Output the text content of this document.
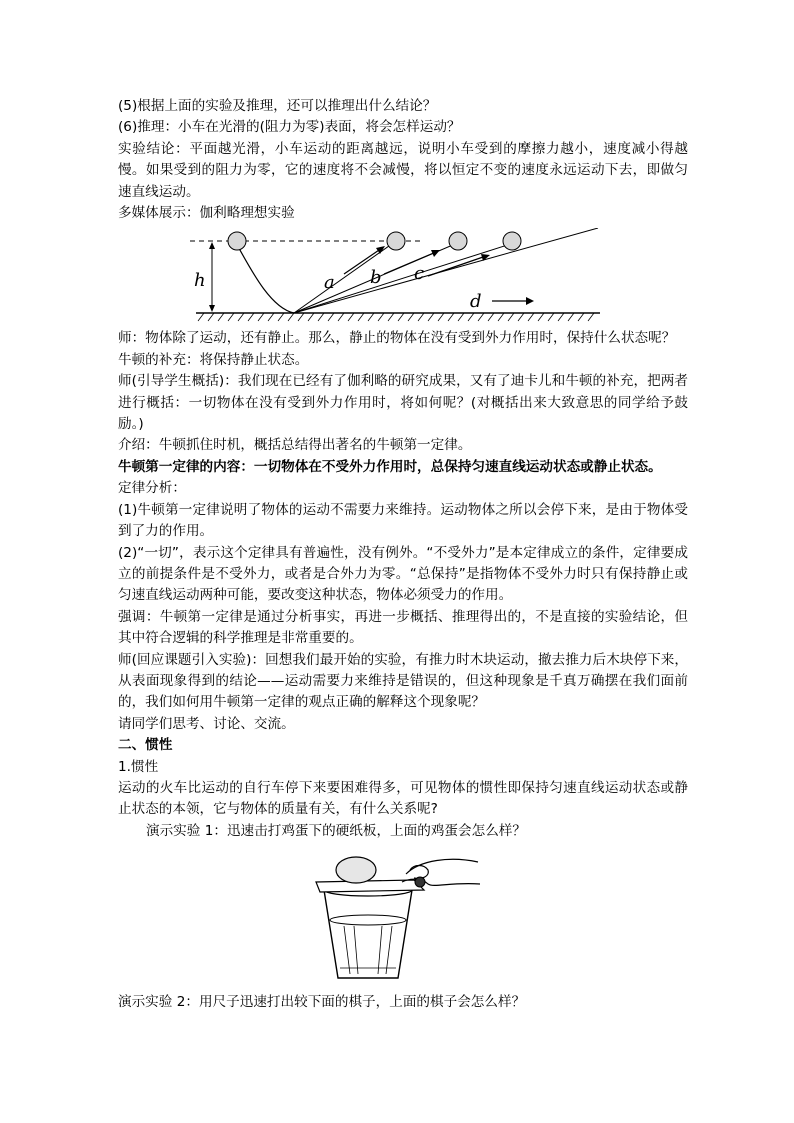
(5)根据上面的实验及推理，还可以推理出什么结论？

(6)推理：小车在光滑的(阻力为零)表面，将会怎样运动？

实验结论：平面越光滑，小车运动的距离越远，说明小车受到的摩擦力越小，速度减小得越慢。如果受到的阻力为零，它的速度将不会减慢，将以恒定不变的速度永远运动下去，即做匀速直线运动。

多媒体展示：伽利略理想实验

h	a b c
d

师：物体除了运动，还有静止。那么，静止的物体在没有受到外力作用时，保持什么状态呢？

牛顿的补充：将保持静止状态。

师(引导学生概括)：我们现在已经有了伽利略的研究成果，又有了迪卡儿和牛顿的补充，把两者进行概括：一切物体在没有受到外力作用时，将如何呢？(对概括出来大致意思的同学给予鼓励。)

介绍：牛顿抓住时机，概括总结得出著名的牛顿第一定律。

牛顿第一定律的内容：一切物体在不受外力作用时，总保持匀速直线运动状态或静止状态。

定律分析：

(1)牛顿第一定律说明了物体的运动不需要力来维持。运动物体之所以会停下来，是由于物体受到了力的作用。

(2)“一切”，表示这个定律具有普遍性，没有例外。“不受外力”是本定律成立的条件，定律要成立的前提条件是不受外力，或者是合外力为零。“总保持”是指物体不受外力时只有保持静止或匀速直线运动两种可能，要改变这种状态，物体必须受力的作用。

强调：牛顿第一定律是通过分析事实，再进一步概括、推理得出的，不是直接的实验结论，但其中符合逻辑的科学推理是非常重要的。

师(回应课题引入实验)：回想我们最开始的实验，有推力时木块运动，撤去推力后木块停下来，从表面现象得到的结论——运动需要力来维持是错误的，但这种现象是千真万确摆在我们面前的，我们如何用牛顿第一定律的观点正确的解释这个现象呢？

请同学们思考、讨论、交流。

二、惯性

1.惯性

运动的火车比运动的自行车停下来要困难得多，可见物体的惯性即保持匀速直线运动状态或静止状态的本领，它与物体的质量有关，有什么关系呢?

演示实验 1：迅速击打鸡蛋下的硬纸板，上面的鸡蛋会怎么样？

演示实验 2：用尺子迅速打出较下面的棋子，上面的棋子会怎么样？
